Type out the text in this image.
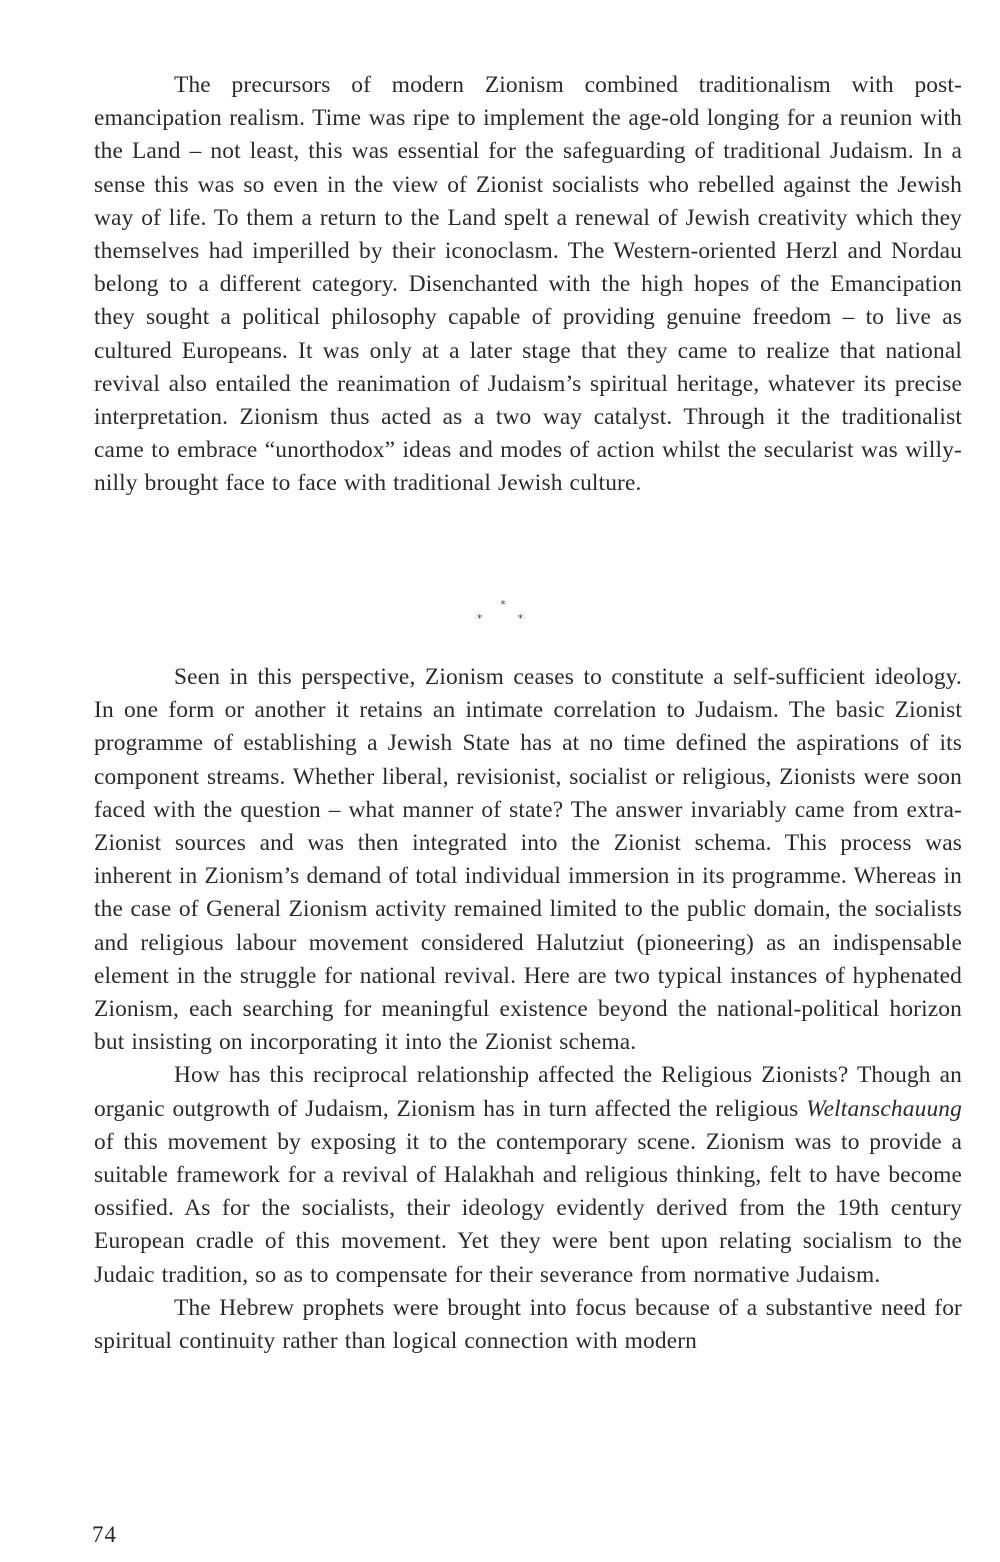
The precursors of modern Zionism combined traditionalism with post-emancipation realism. Time was ripe to implement the age-old longing for a reunion with the Land – not least, this was essential for the safeguarding of traditional Judaism. In a sense this was so even in the view of Zionist socialists who rebelled against the Jewish way of life. To them a return to the Land spelt a renewal of Jewish creativity which they themselves had imperilled by their iconoclasm. The Western-oriented Herzl and Nordau belong to a different category. Disenchanted with the high hopes of the Emancipation they sought a political philosophy capable of providing genuine freedom – to live as cultured Europeans. It was only at a later stage that they came to realize that national revival also entailed the reanimation of Judaism’s spiritual heritage, whatever its precise interpretation. Zionism thus acted as a two way catalyst. Through it the traditionalist came to embrace “unorthodox” ideas and modes of action whilst the secularist was willy-nilly brought face to face with traditional Jewish culture.

*
*	*

Seen in this perspective, Zionism ceases to constitute a self-sufficient ideology. In one form or another it retains an intimate correlation to Judaism. The basic Zionist programme of establishing a Jewish State has at no time defined the aspirations of its component streams. Whether liberal, revisionist, socialist or religious, Zionists were soon faced with the question – what manner of state? The answer invariably came from extra-Zionist sources and was then integrated into the Zionist schema. This process was inherent in Zionism’s demand of total individual immersion in its programme. Whereas in the case of General Zionism activity remained limited to the public domain, the socialists and religious labour movement considered Halutziut (pioneering) as an indispensable element in the struggle for national revival. Here are two typical instances of hyphenated Zionism, each searching for meaningful existence beyond the national-political horizon but insisting on incorporating it into the Zionist schema.

How has this reciprocal relationship affected the Religious Zionists? Though an organic outgrowth of Judaism, Zionism has in turn affected the religious Weltanschauung of this movement by exposing it to the contemporary scene. Zionism was to provide a suitable framework for a revival of Halakhah and religious thinking, felt to have become ossified. As for the socialists, their ideology evidently derived from the 19th century European cradle of this movement. Yet they were bent upon relating socialism to the Judaic tradition, so as to compensate for their severance from normative Judaism.

The Hebrew prophets were brought into focus because of a substantive need for spiritual continuity rather than logical connection with modern

74
